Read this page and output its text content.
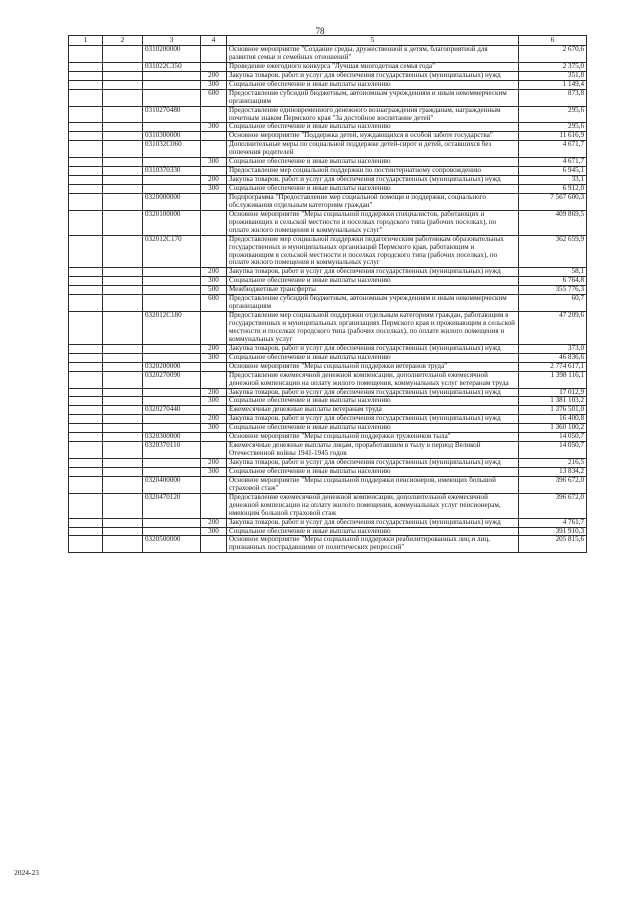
78
1	2	3	4	5	6
		0310200000		Основное мероприятие "Создание среды, дружественной к детям, благоприятной для развития семьи и семейных отношений"	2 670,6
		031022С350		Проведение ежегодного конкурса "Лучшая многодетная семья года"	2 375,0
			200	Закупка товаров, работ и услуг для обеспечения государственных (муниципальных) нужд	351,8
			300	Социальное обеспечение и иные выплаты населению	1 149,4
			600	Предоставление субсидий бюджетным, автономным учреждениям и иным некоммерческим организациям	873,8
		0310270480		Предоставление единовременного денежного вознаграждения гражданам, награжденным почетным знаком Пермского края "За достойное воспитание детей"	295,6
			300	Социальное обеспечение и иные выплаты населению	295,6
		0310300000		Основное мероприятие "Поддержка детей, нуждающихся в особой заботе государства"	11 616,9
		031032С060		Дополнительные меры по социальной поддержке детей-сирот и детей, оставшихся без попечения родителей	4 671,7
			300	Социальное обеспечение и иные выплаты населению	4 671,7
		0310370330		Предоставление мер социальной поддержки по постинтернатному сопровождению	6 945,1
			200	Закупка товаров, работ и услуг для обеспечения государственных (муниципальных) нужд	33,1
			300	Социальное обеспечение и иные выплаты населению	6 912,0
		0320000000		Подпрограмма "Предоставление мер социальной помощи и поддержки, социального обслуживания отдельным категориям граждан"	7 567 600,3
		0320100000		Основное мероприятие "Меры социальной поддержки специалистов, работающих и проживающих в сельской местности и поселках городского типа (рабочих поселках), по оплате жилого помещения и коммунальных услуг"	409 869,5
		032012С170		Предоставление мер социальной поддержки педагогическим работникам образовательных государственных и муниципальных организаций Пермского края, работающим и проживающим в сельской местности и поселках городского типа (рабочих поселках), по оплате жилого помещения и коммунальных услуг	362 659,9
			200	Закупка товаров, работ и услуг для обеспечения государственных (муниципальных) нужд	58,1
			300	Социальное обеспечение и иные выплаты населению	6 764,8
			500	Межбюджетные трансферты	355 776,3
			600	Предоставление субсидий бюджетным, автономным учреждениям и иным некоммерческим организациям	60,7
		032012С180		Предоставление мер социальной поддержки отдельным категориям граждан, работающим в государственных и муниципальных организациях Пермского края и проживающим в сельской местности и поселках городского типа (рабочих поселках), по оплате жилого помещения и коммунальных услуг	47 209,6
			200	Закупка товаров, работ и услуг для обеспечения государственных (муниципальных) нужд	373,0
			300	Социальное обеспечение и иные выплаты населению	46 836,6
		0320200000		Основное мероприятие "Меры социальной поддержки ветеранов труда"	2 774 617,1
		0320270090		Предоставление ежемесячной денежной компенсации, дополнительной ежемесячной денежной компенсации на оплату жилого помещения, коммунальных услуг ветеранам труда	1 398 116,1
			200	Закупка товаров, работ и услуг для обеспечения государственных (муниципальных) нужд	17 012,9
			300	Социальное обеспечение и иные выплаты населению	1 381 103,2
		0320270440		Ежемесячные денежные выплаты ветеранам труда	1 376 501,0
			200	Закупка товаров, работ и услуг для обеспечения государственных (муниципальных) нужд	16 400,8
			300	Социальное обеспечение и иные выплаты населению	1 360 100,2
		0320300000		Основное мероприятие "Меры социальной поддержки тружеников тыла"	14 050,7
		0320370110		Ежемесячные денежные выплаты лицам, проработавшим в тылу в период Великой Отечественной войны 1941-1945 годов	14 050,7
			200	Закупка товаров, работ и услуг для обеспечения государственных (муниципальных) нужд	216,5
			300	Социальное обеспечение и иные выплаты населению	13 834,2
		0320400000		Основное мероприятие "Меры социальной поддержки пенсионеров, имеющих большой страховой стаж"	396 672,0
		0320470120		Предоставление ежемесячной денежной компенсации, дополнительной ежемесячной денежной компенсации на оплату жилого помещения, коммунальных услуг пенсионерам, имеющим большой страховой стаж	396 672,0
			200	Закупка товаров, работ и услуг для обеспечения государственных (муниципальных) нужд	4 761,7
			300	Социальное обеспечение и иные выплаты населению	391 910,3
		0320500000		Основное мероприятие "Меры социальной поддержки реабилитированных лиц и лиц, признанных пострадавшими от политических репрессий"	205 815,6
2024-23
